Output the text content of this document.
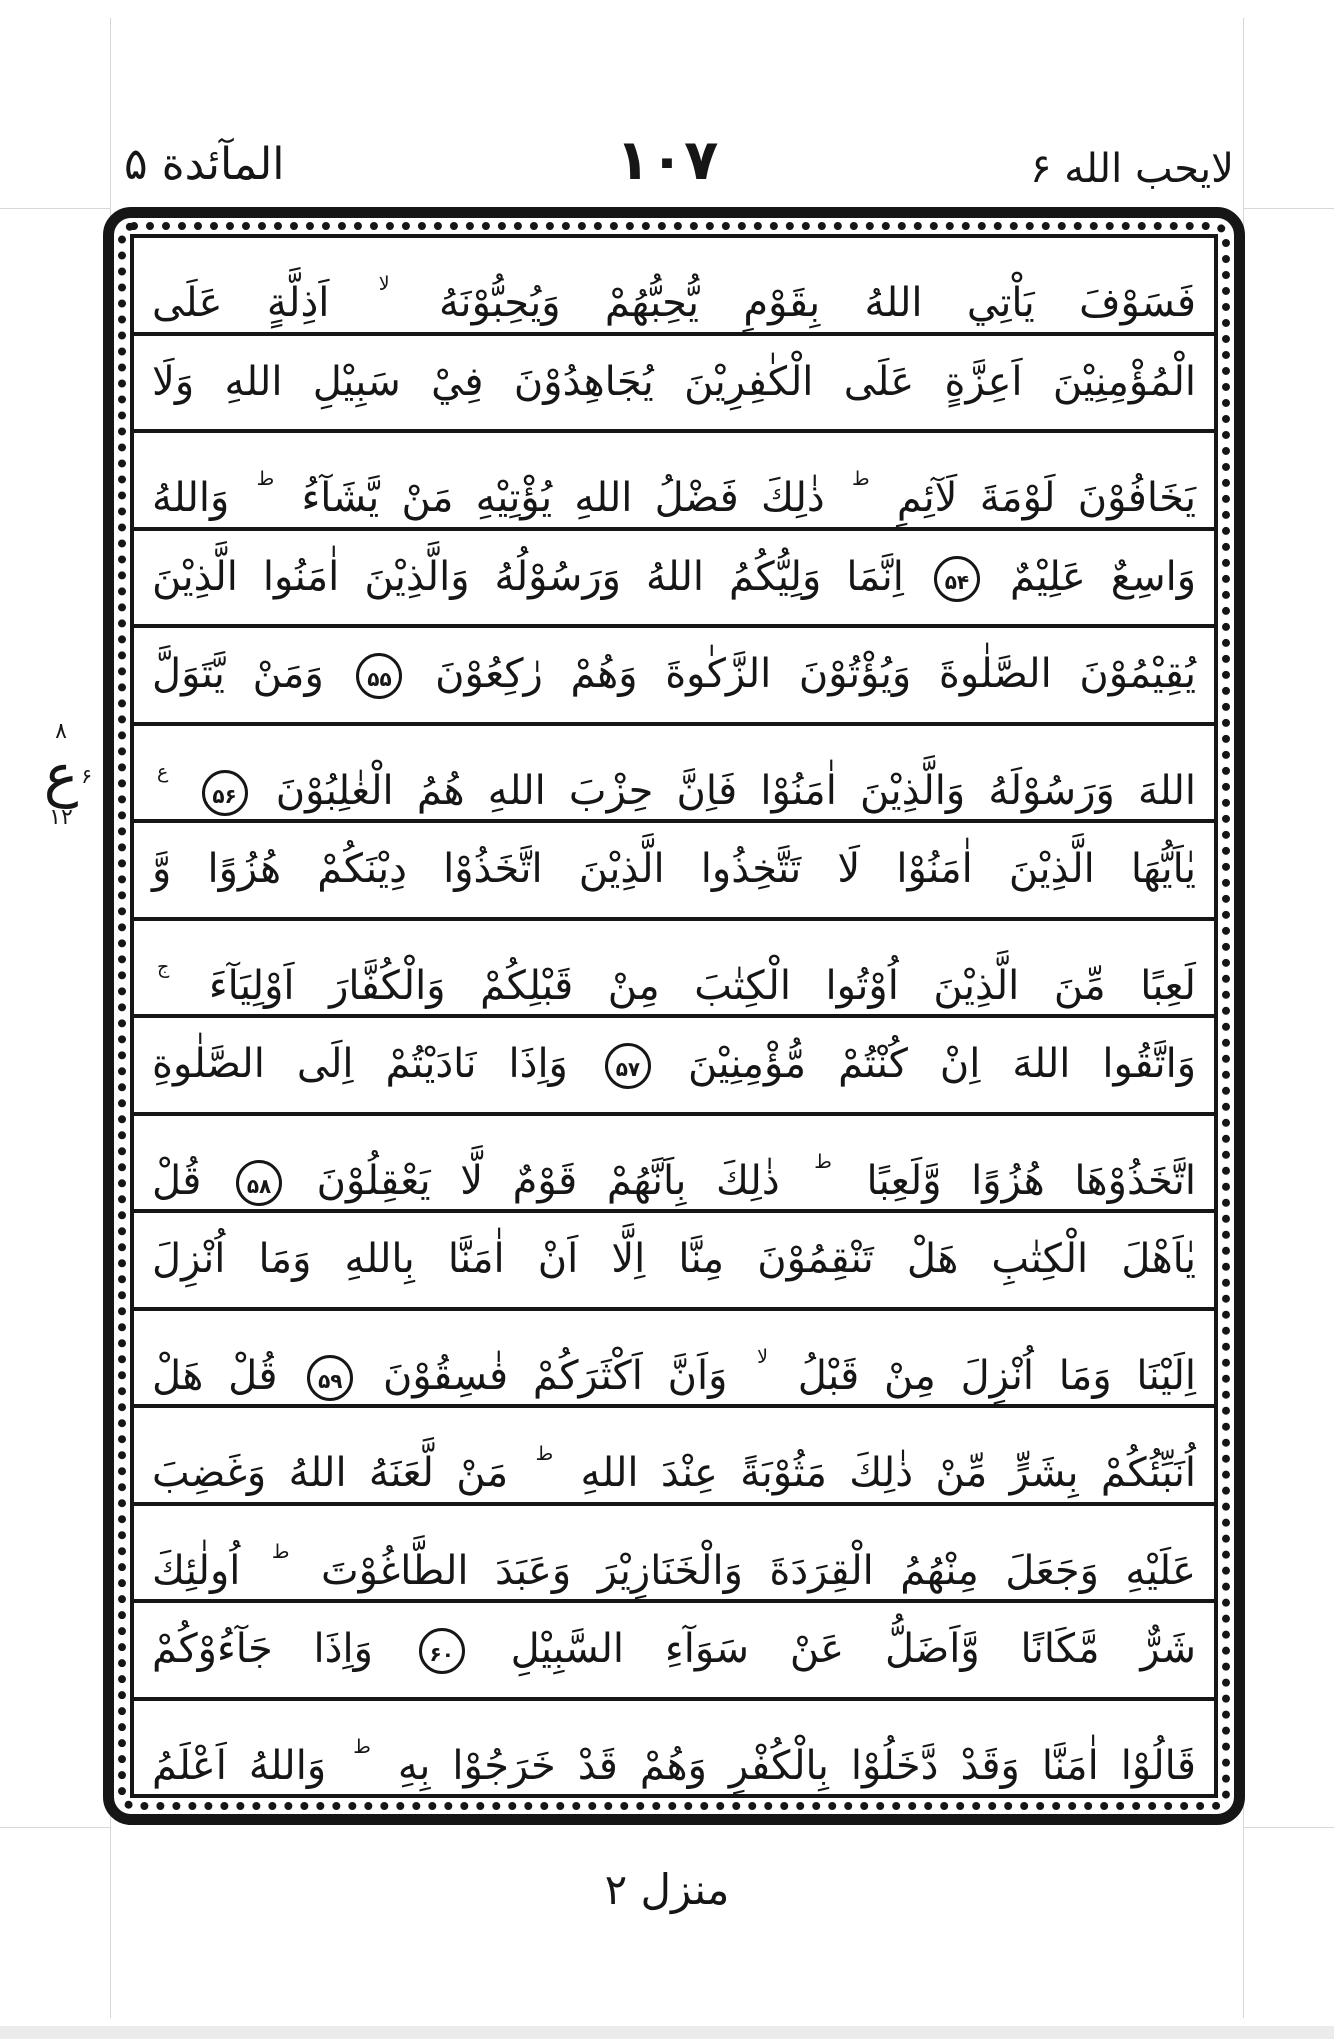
المآئدة ۵	۱۰۷	لايحب الله ۶
۸
ع ۶
۱۲
فَسَوْفَ يَاْتِي اللهُ بِقَوْمٍ يُّحِبُّهُمْ وَيُحِبُّوْنَهُ $^{لا}$ اَذِلَّةٍ عَلَى
الْمُؤْمِنِيْنَ اَعِزَّةٍ عَلَى الْكٰفِرِيْنَ يُجَاهِدُوْنَ فِيْ سَبِيْلِ اللهِ وَلَا
يَخَافُوْنَ لَوْمَةَ لَآئِمٍ $^ط$ ذٰلِكَ فَضْلُ اللهِ يُؤْتِيْهِ مَنْ يَّشَآءُ $^ط$ وَاللهُ
وَاسِعٌ عَلِيْمٌ ۵۴ اِنَّمَا وَلِيُّكُمُ اللهُ وَرَسُوْلُهُ وَالَّذِيْنَ اٰمَنُوا الَّذِيْنَ
يُقِيْمُوْنَ الصَّلٰوةَ وَيُؤْتُوْنَ الزَّكٰوةَ وَهُمْ رٰكِعُوْنَ ۵۵ وَمَنْ يَّتَوَلَّ
اللهَ وَرَسُوْلَهُ وَالَّذِيْنَ اٰمَنُوْا فَاِنَّ حِزْبَ اللهِ هُمُ الْغٰلِبُوْنَ ۵۶ $^ع$
يٰاَيُّهَا الَّذِيْنَ اٰمَنُوْا لَا تَتَّخِذُوا الَّذِيْنَ اتَّخَذُوْا دِيْنَكُمْ هُزُوًا وَّ
لَعِبًا مِّنَ الَّذِيْنَ اُوْتُوا الْكِتٰبَ مِنْ قَبْلِكُمْ وَالْكُفَّارَ اَوْلِيَآءَ $^ج$
وَاتَّقُوا اللهَ اِنْ كُنْتُمْ مُّؤْمِنِيْنَ ۵۷ وَاِذَا نَادَيْتُمْ اِلَى الصَّلٰوةِ
اتَّخَذُوْهَا هُزُوًا وَّلَعِبًا $^ط$ ذٰلِكَ بِاَنَّهُمْ قَوْمٌ لَّا يَعْقِلُوْنَ ۵۸ قُلْ
يٰاَهْلَ الْكِتٰبِ هَلْ تَنْقِمُوْنَ مِنَّا اِلَّا اَنْ اٰمَنَّا بِاللهِ وَمَا اُنْزِلَ
اِلَيْنَا وَمَا اُنْزِلَ مِنْ قَبْلُ $^{لا}$ وَاَنَّ اَكْثَرَكُمْ فٰسِقُوْنَ ۵۹ قُلْ هَلْ
اُنَبِّئُكُمْ بِشَرٍّ مِّنْ ذٰلِكَ مَثُوْبَةً عِنْدَ اللهِ $^ط$ مَنْ لَّعَنَهُ اللهُ وَغَضِبَ
عَلَيْهِ وَجَعَلَ مِنْهُمُ الْقِرَدَةَ وَالْخَنَازِيْرَ وَعَبَدَ الطَّاغُوْتَ $^ط$ اُولٰئِكَ
شَرٌّ مَّكَانًا وَّاَضَلُّ عَنْ سَوَآءِ السَّبِيْلِ ۶۰ وَاِذَا جَآءُوْكُمْ
قَالُوْا اٰمَنَّا وَقَدْ دَّخَلُوْا بِالْكُفْرِ وَهُمْ قَدْ خَرَجُوْا بِهِ $^ط$ وَاللهُ اَعْلَمُ
منزل ۲
